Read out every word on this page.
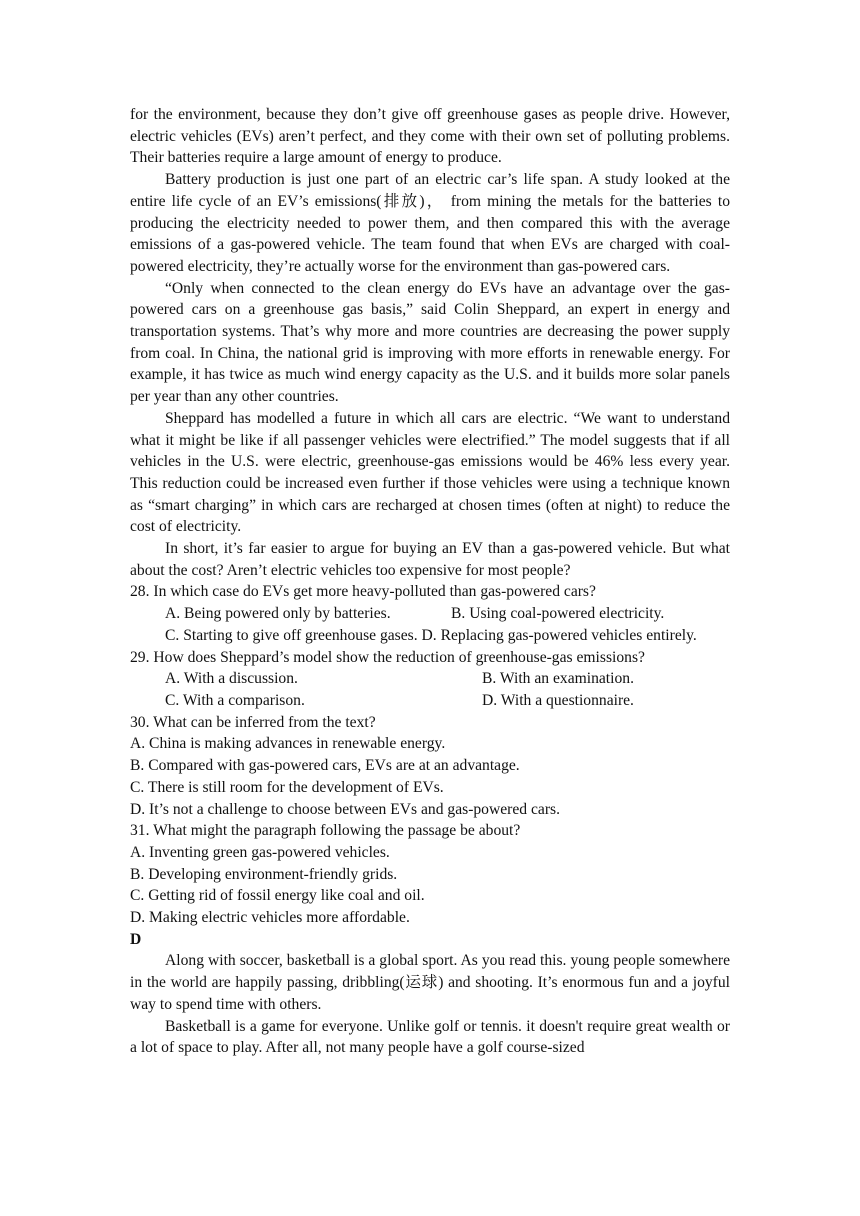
for the environment, because they don’t give off greenhouse gases as people drive. However, electric vehicles (EVs) aren’t perfect, and they come with their own set of polluting problems. Their batteries require a large amount of energy to produce.

Battery production is just one part of an electric car’s life span. A study looked at the entire life cycle of an EV’s emissions(排放)， from mining the metals for the batteries to producing the electricity needed to power them, and then compared this with the average emissions of a gas-powered vehicle. The team found that when EVs are charged with coal-powered electricity, they’re actually worse for the environment than gas-powered cars.

“Only when connected to the clean energy do EVs have an advantage over the gas-powered cars on a greenhouse gas basis,” said Colin Sheppard, an expert in energy and transportation systems. That’s why more and more countries are decreasing the power supply from coal. In China, the national grid is improving with more efforts in renewable energy. For example, it has twice as much wind energy capacity as the U.S. and it builds more solar panels per year than any other countries.

Sheppard has modelled a future in which all cars are electric. “We want to understand what it might be like if all passenger vehicles were electrified.” The model suggests that if all vehicles in the U.S. were electric, greenhouse-gas emissions would be 46% less every year. This reduction could be increased even further if those vehicles were using a technique known as “smart charging” in which cars are recharged at chosen times (often at night) to reduce the cost of electricity.

In short, it’s far easier to argue for buying an EV than a gas-powered vehicle. But what about the cost? Aren’t electric vehicles too expensive for most people?

28. In which case do EVs get more heavy-polluted than gas-powered cars?

A. Being powered only by batteries.	B. Using coal-powered electricity.

C. Starting to give off greenhouse gases. D. Replacing gas-powered vehicles entirely.

29. How does Sheppard’s model show the reduction of greenhouse-gas emissions?

A. With a discussion.	B. With an examination.
C. With a comparison.	D. With a questionnaire.

30. What can be inferred from the text?

A. China is making advances in renewable energy.

B. Compared with gas-powered cars, EVs are at an advantage.

C. There is still room for the development of EVs.

D. It’s not a challenge to choose between EVs and gas-powered cars.

31. What might the paragraph following the passage be about?

A. Inventing green gas-powered vehicles.

B. Developing environment-friendly grids.

C. Getting rid of fossil energy like coal and oil.

D. Making electric vehicles more affordable.

D

Along with soccer, basketball is a global sport. As you read this. young people somewhere in the world are happily passing, dribbling(运球) and shooting. It’s enormous fun and a joyful way to spend time with others.

Basketball is a game for everyone. Unlike golf or tennis. it doesn't require great wealth or a lot of space to play. After all, not many people have a golf course-sized
